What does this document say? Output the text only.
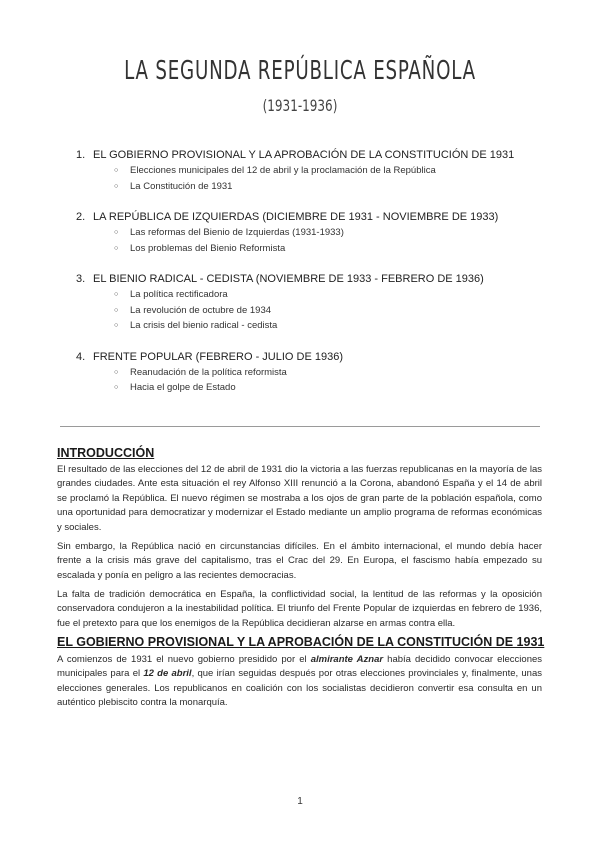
LA SEGUNDA REPÚBLICA ESPAÑOLA
(1931-1936)
1. EL GOBIERNO PROVISIONAL Y LA APROBACIÓN DE LA CONSTITUCIÓN DE 1931
○ Elecciones municipales del 12 de abril y la proclamación de la República
○ La Constitución de 1931
2. LA REPÚBLICA DE IZQUIERDAS (DICIEMBRE DE 1931 - NOVIEMBRE DE 1933)
○ Las reformas del Bienio de Izquierdas (1931-1933)
○ Los problemas del Bienio Reformista
3. EL BIENIO RADICAL - CEDISTA (NOVIEMBRE DE 1933 - FEBRERO DE 1936)
○ La política rectificadora
○ La revolución de octubre de 1934
○ La crisis del bienio radical - cedista
4. FRENTE POPULAR (FEBRERO - JULIO DE 1936)
○ Reanudación de la política reformista
○ Hacia el golpe de Estado
INTRODUCCIÓN
El resultado de las elecciones del 12 de abril de 1931 dio la victoria a las fuerzas republicanas en la mayoría de las grandes ciudades. Ante esta situación el rey Alfonso XIII renunció a la Corona, abandonó España y el 14 de abril se proclamó la República. El nuevo régimen se mostraba a los ojos de gran parte de la población española, como una oportunidad para democratizar y modernizar el Estado mediante un amplio programa de reformas económicas y sociales.
Sin embargo, la República nació en circunstancias difíciles. En el ámbito internacional, el mundo debía hacer frente a la crisis más grave del capitalismo, tras el Crac del 29. En Europa, el fascismo había empezado su escalada y ponía en peligro a las recientes democracias.
La falta de tradición democrática en España, la conflictividad social, la lentitud de las reformas y la oposición conservadora condujeron a la inestabilidad política. El triunfo del Frente Popular de izquierdas en febrero de 1936, fue el pretexto para que los enemigos de la República decidieran alzarse en armas contra ella.
EL GOBIERNO PROVISIONAL Y LA APROBACIÓN DE LA CONSTITUCIÓN DE 1931
A comienzos de 1931 el nuevo gobierno presidido por el almirante Aznar había decidido convocar elecciones municipales para el 12 de abril, que irían seguidas después por otras elecciones provinciales y, finalmente, unas elecciones generales. Los republicanos en coalición con los socialistas decidieron convertir esa consulta en un auténtico plebiscito contra la monarquía.
1
